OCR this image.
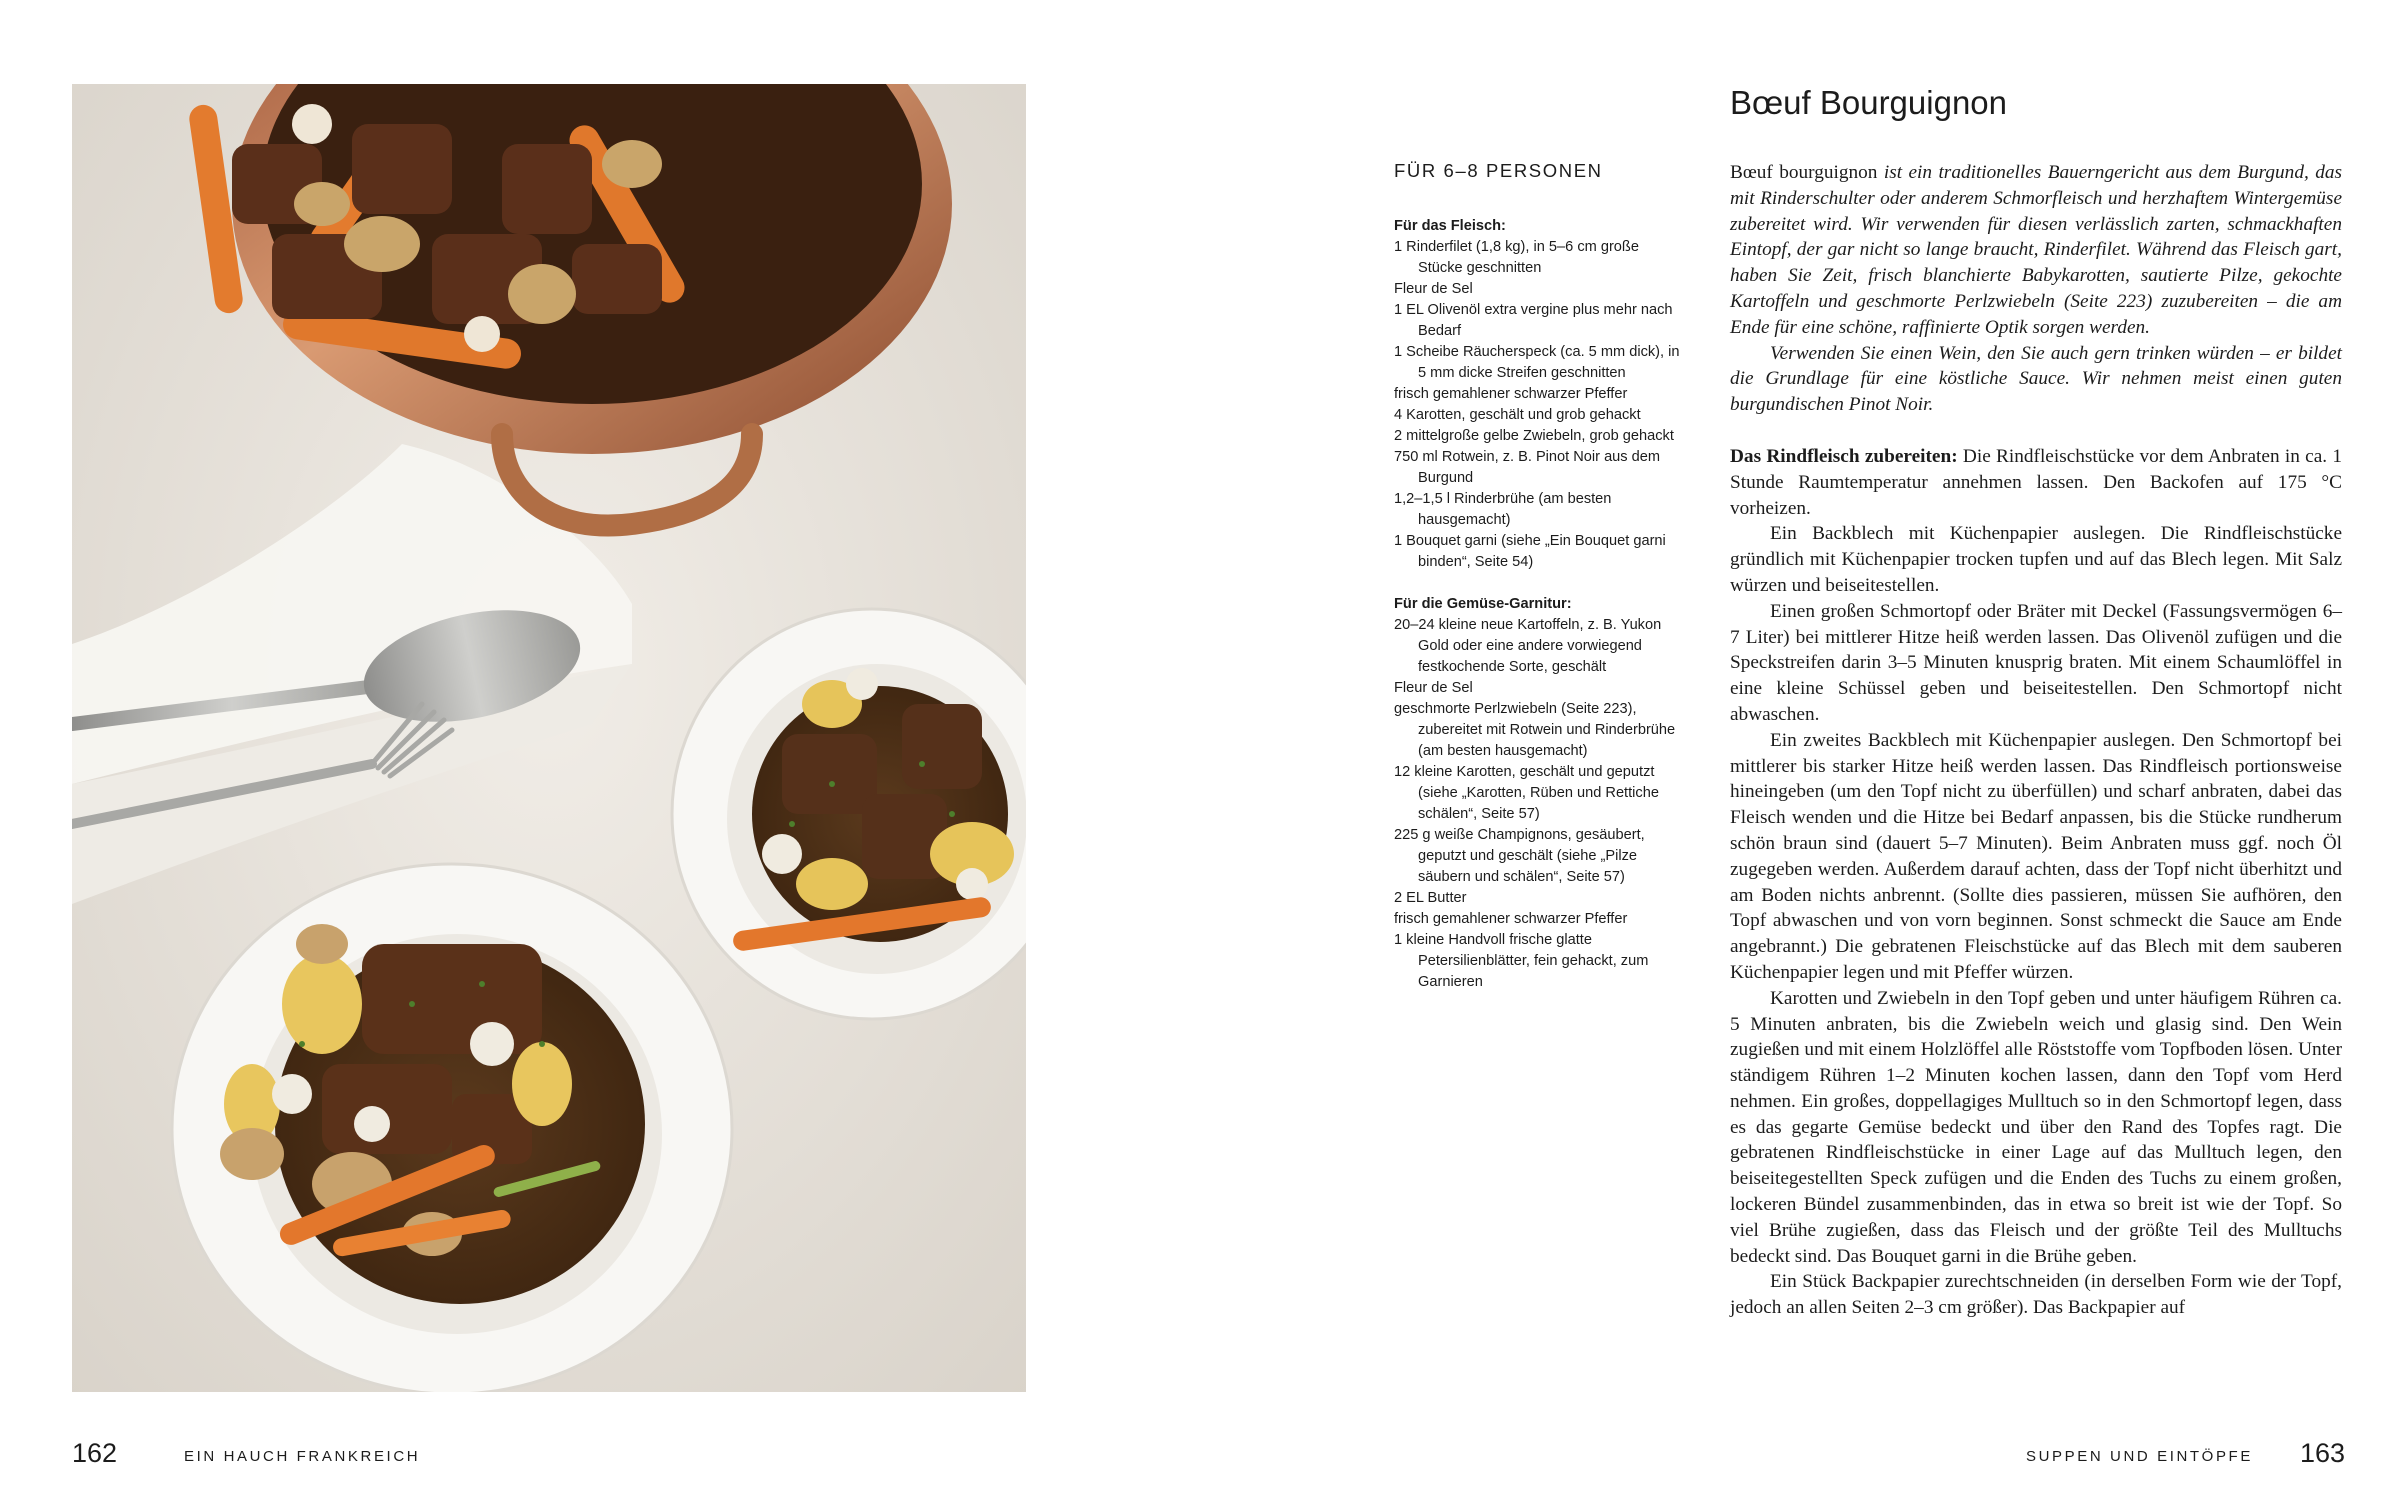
162	EIN HAUCH FRANKREICH
Bœuf Bourguignon
FÜR 6–8 PERSONEN
Für das Fleisch:
1 Rinderfilet (1,8 kg), in 5–6 cm große Stücke geschnitten
Fleur de Sel
1 EL Olivenöl extra vergine plus mehr nach Bedarf
1 Scheibe Räucherspeck (ca. 5 mm dick), in 5 mm dicke Streifen geschnitten
frisch gemahlener schwarzer Pfeffer
4 Karotten, geschält und grob gehackt
2 mittelgroße gelbe Zwiebeln, grob gehackt
750 ml Rotwein, z. B. Pinot Noir aus dem Burgund
1,2–1,5 l Rinderbrühe (am besten hausgemacht)
1 Bouquet garni (siehe „Ein Bouquet garni binden“, Seite 54)
Für die Gemüse-Garnitur:
20–24 kleine neue Kartoffeln, z. B. Yukon Gold oder eine andere vorwiegend festkochende Sorte, geschält
Fleur de Sel
geschmorte Perlzwiebeln (Seite 223), zubereitet mit Rotwein und Rinderbrühe (am besten hausgemacht)
12 kleine Karotten, geschält und geputzt (siehe „Karotten, Rüben und Rettiche schälen“, Seite 57)
225 g weiße Champignons, gesäubert, geputzt und geschält (siehe „Pilze säubern und schälen“, Seite 57)
2 EL Butter
frisch gemahlener schwarzer Pfeffer
1 kleine Handvoll frische glatte Petersilienblätter, fein gehackt, zum Garnieren

Bœuf bourguignon ist ein traditionelles Bauerngericht aus dem Burgund, das mit Rinderschulter oder anderem Schmorfleisch und herzhaftem Wintergemüse zubereitet wird. Wir verwenden für diesen verlässlich zarten, schmackhaften Eintopf, der gar nicht so lange braucht, Rinderfilet. Während das Fleisch gart, haben Sie Zeit, frisch blanchierte Babykarotten, sautierte Pilze, gekochte Kartoffeln und geschmorte Perlzwiebeln (Seite 223) zuzubereiten – die am Ende für eine schöne, raffinierte Optik sorgen werden.

Verwenden Sie einen Wein, den Sie auch gern trinken würden – er bildet die Grundlage für eine köstliche Sauce. Wir nehmen meist einen guten burgundischen Pinot Noir.

Das Rindfleisch zubereiten: Die Rindfleischstücke vor dem Anbraten in ca. 1 Stunde Raumtemperatur annehmen lassen. Den Backofen auf 175 °C vorheizen.

Ein Backblech mit Küchenpapier auslegen. Die Rindfleischstücke gründlich mit Küchenpapier trocken tupfen und auf das Blech legen. Mit Salz würzen und beiseitestellen.

Einen großen Schmortopf oder Bräter mit Deckel (Fassungsvermögen 6–7 Liter) bei mittlerer Hitze heiß werden lassen. Das Olivenöl zufügen und die Speckstreifen darin 3–5 Minuten knusprig braten. Mit einem Schaumlöffel in eine kleine Schüssel geben und beiseitestellen. Den Schmortopf nicht abwaschen.

Ein zweites Backblech mit Küchenpapier auslegen. Den Schmortopf bei mittlerer bis starker Hitze heiß werden lassen. Das Rindfleisch portionsweise hineingeben (um den Topf nicht zu überfüllen) und scharf anbraten, dabei das Fleisch wenden und die Hitze bei Bedarf anpassen, bis die Stücke rundherum schön braun sind (dauert 5–7 Minuten). Beim Anbraten muss ggf. noch Öl zugegeben werden. Außerdem darauf achten, dass der Topf nicht überhitzt und am Boden nichts anbrennt. (Sollte dies passieren, müssen Sie aufhören, den Topf abwaschen und von vorn beginnen. Sonst schmeckt die Sauce am Ende angebrannt.) Die gebratenen Fleischstücke auf das Blech mit dem sauberen Küchenpapier legen und mit Pfeffer würzen.

Karotten und Zwiebeln in den Topf geben und unter häufigem Rühren ca. 5 Minuten anbraten, bis die Zwiebeln weich und glasig sind. Den Wein zugießen und mit einem Holzlöffel alle Röststoffe vom Topfboden lösen. Unter ständigem Rühren 1–2 Minuten kochen lassen, dann den Topf vom Herd nehmen. Ein großes, doppellagiges Mulltuch so in den Schmortopf legen, dass es das gegarte Gemüse bedeckt und über den Rand des Topfes ragt. Die gebratenen Rindfleischstücke in einer Lage auf das Mulltuch legen, den beiseitegestellten Speck zufügen und die Enden des Tuchs zu einem großen, lockeren Bündel zusammenbinden, das in etwa so breit ist wie der Topf. So viel Brühe zugießen, dass das Fleisch und der größte Teil des Mulltuchs bedeckt sind. Das Bouquet garni in die Brühe geben.

Ein Stück Backpapier zurechtschneiden (in derselben Form wie der Topf, jedoch an allen Seiten 2–3 cm größer). Das Backpapier auf

SUPPEN UND EINTÖPFE 163
